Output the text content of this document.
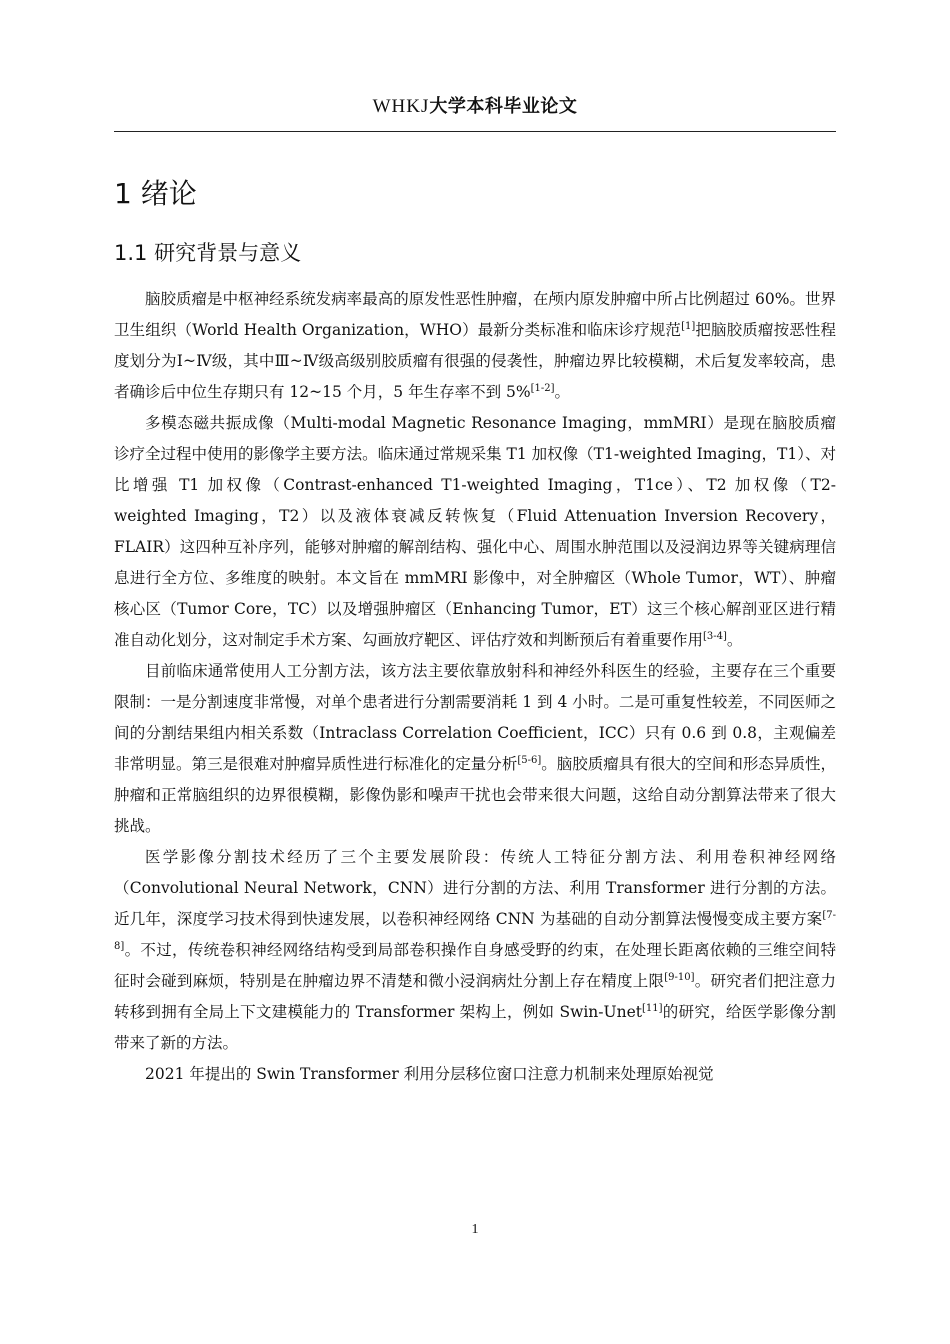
WHKJ大学本科毕业论文
1 绪论
1.1 研究背景与意义

脑胶质瘤是中枢神经系统发病率最高的原发性恶性肿瘤，在颅内原发肿瘤中所占比例超过 60%。世界卫生组织（World Health Organization，WHO）最新分类标准和临床诊疗规范[1]把脑胶质瘤按恶性程度划分为Ⅰ~Ⅳ级，其中Ⅲ~Ⅳ级高级别胶质瘤有很强的侵袭性，肿瘤边界比较模糊，术后复发率较高，患者确诊后中位生存期只有 12~15 个月，5 年生存率不到 5%[1-2]。

多模态磁共振成像（Multi-modal Magnetic Resonance Imaging，mmMRI）是现在脑胶质瘤诊疗全过程中使用的影像学主要方法。临床通过常规采集 T1 加权像（T1-weighted Imaging，T1）、对比增强 T1 加权像（Contrast-enhanced T1-weighted Imaging，T1ce）、T2 加权像（T2-weighted Imaging，T2）以及液体衰减反转恢复（Fluid Attenuation Inversion Recovery，FLAIR）这四种互补序列，能够对肿瘤的解剖结构、强化中心、周围水肿范围以及浸润边界等关键病理信息进行全方位、多维度的映射。本文旨在 mmMRI 影像中，对全肿瘤区（Whole Tumor，WT）、肿瘤核心区（Tumor Core，TC）以及增强肿瘤区（Enhancing Tumor，ET）这三个核心解剖亚区进行精准自动化划分，这对制定手术方案、勾画放疗靶区、评估疗效和判断预后有着重要作用[3-4]。

目前临床通常使用人工分割方法，该方法主要依靠放射科和神经外科医生的经验，主要存在三个重要限制：一是分割速度非常慢，对单个患者进行分割需要消耗 1 到 4 小时。二是可重复性较差，不同医师之间的分割结果组内相关系数（Intraclass Correlation Coefficient，ICC）只有 0.6 到 0.8，主观偏差非常明显。第三是很难对肿瘤异质性进行标准化的定量分析[5-6]。脑胶质瘤具有很大的空间和形态异质性，肿瘤和正常脑组织的边界很模糊，影像伪影和噪声干扰也会带来很大问题，这给自动分割算法带来了很大挑战。

医学影像分割技术经历了三个主要发展阶段：传统人工特征分割方法、利用卷积神经网络（Convolutional Neural Network，CNN）进行分割的方法、利用 Transformer 进行分割的方法。近几年，深度学习技术得到快速发展，以卷积神经网络 CNN 为基础的自动分割算法慢慢变成主要方案[7-8]。不过，传统卷积神经网络结构受到局部卷积操作自身感受野的约束，在处理长距离依赖的三维空间特征时会碰到麻烦，特别是在肿瘤边界不清楚和微小浸润病灶分割上存在精度上限[9-10]。研究者们把注意力转移到拥有全局上下文建模能力的 Transformer 架构上，例如 Swin-Unet[11]的研究，给医学影像分割带来了新的方法。

2021 年提出的 Swin Transformer 利用分层移位窗口注意力机制来处理原始视觉

1
